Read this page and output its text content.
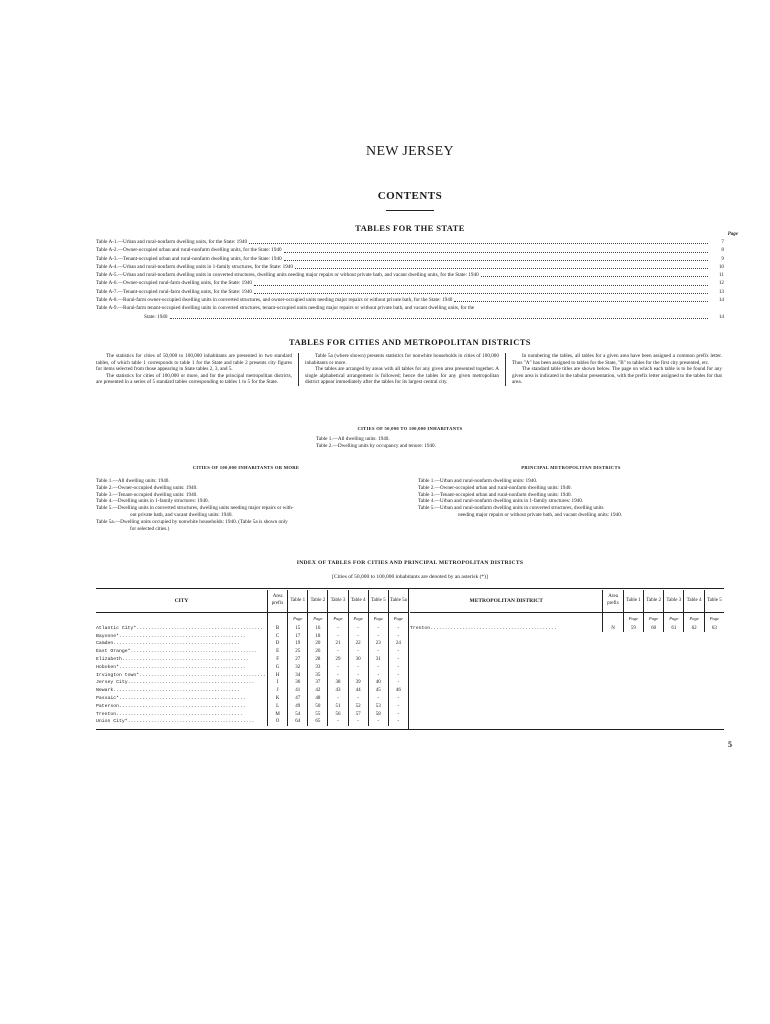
NEW JERSEY
CONTENTS
TABLES FOR THE STATE
Page
Table A-1.—Urban and rural-nonfarm dwelling units, for the State: 1940	7
Table A-2.—Owner-occupied urban and rural-nonfarm dwelling units, for the State: 1940	8
Table A-3.—Tenant-occupied urban and rural-nonfarm dwelling units, for the State: 1940	9
Table A-4.—Urban and rural-nonfarm dwelling units in 1-family structures, for the State: 1940	10
Table A-5.—Urban and rural-nonfarm dwelling units in converted structures, dwelling units needing major repairs or without private bath, and vacant dwelling units, for the State: 1940	11
Table A-6.—Owner-occupied rural-farm dwelling units, for the State: 1940	12
Table A-7.—Tenant-occupied rural-farm dwelling units, for the State: 1940	13
Table A-8.—Rural-farm owner-occupied dwelling units in converted structures, and owner-occupied units needing major repairs or without private bath, for the State: 1940	14
Table A-9.—Rural-farm tenant-occupied dwelling units in converted structures, tenant-occupied units needing major repairs or without private bath, and vacant dwelling units, for the
State: 1940	14
TABLES FOR CITIES AND METROPOLITAN DISTRICTS

The statistics for cities of 50,000 to 100,000 inhabitants are presented in two standard tables, of which table 1 corresponds to table 1 for the State and table 2 presents city figures for items selected from those appearing in State tables 2, 3, and 5.

The statistics for cities of 100,000 or more, and for the principal metropolitan districts, are presented in a series of 5 standard tables corresponding to tables 1 to 5 for the State.

Table 5a (where shown) presents statistics for nonwhite households in cities of 100,000 inhabitants or more.

The tables are arranged by areas with all tables for any given area presented together. A single alphabetical arrangement is followed; hence the tables for any given metropolitan district appear immediately after the tables for its largest central city.

In numbering the tables, all tables for a given area have been assigned a common prefix letter. Thus "A" has been assigned to tables for the State, "B" to tables for the first city presented, etc.

The standard table titles are shown below. The page on which each table is to be found for any given area is indicated in the tabular presentation, with the prefix letter assigned to the tables for that area.

CITIES OF 50,000 TO 100,000 INHABITANTS
Table 1.—All dwelling units: 1940.
Table 2.—Dwelling units by occupancy and tenure: 1940.
CITIES OF 100,000 INHABITANTS OR MORE
Table 1.—All dwelling units: 1940.
Table 2.—Owner-occupied dwelling units: 1940.
Table 3.—Tenant-occupied dwelling units: 1940.
Table 4.—Dwelling units in 1-family structures: 1940.
Table 5.—Dwelling units in converted structures, dwelling units needing major repairs or with-
out private bath, and vacant dwelling units: 1940.
Table 5a.—Dwelling units occupied by nonwhite households: 1940. (Table 5a is shown only
for selected cities.)
PRINCIPAL METROPOLITAN DISTRICTS
Table 1.—Urban and rural-nonfarm dwelling units: 1940.
Table 2.—Owner-occupied urban and rural-nonfarm dwelling units: 1940.
Table 3.—Tenant-occupied urban and rural-nonfarm dwelling units: 1940.
Table 4.—Urban and rural-nonfarm dwelling units in 1-family structures: 1940.
Table 5.—Urban and rural-nonfarm dwelling units in converted structures, dwelling units
needing major repairs or without private bath, and vacant dwelling units: 1940.
INDEX OF TABLES FOR CITIES AND PRINCIPAL METROPOLITAN DISTRICTS
[Cities of 50,000 to 100,000 inhabitants are denoted by an asterisk (*)]
CITY	Area prefix	Table 1	Table 2	Table 3	Table 4	Table 5	Table 5a
		Page	Page	Page	Page	Page	Page
Atlantic City*............................................	B	15	16	-	-	-	-
Bayonne*............................................	C	17	18	-	-	-	-
Camden............................................	D	19	20	21	22	23	24
East Orange*............................................	E	25	26	-	-	-	-
Elizabeth............................................	F	27	28	29	30	31	-
Hoboken*............................................	G	32	33	-	-	-	-
Irvington town*............................................	H	34	35	-	-	-	-
Jersey City............................................	I	36	37	38	39	40	-
Newark............................................	J	41	42	43	44	45	46
Passaic*............................................	K	47	48	-	-	-	-
Paterson............................................	L	49	50	51	52	53	-
Trenton............................................	M	54	55	56	57	58	-
Union City*............................................	O	64	65	-	-	-	-
METROPOLITAN DISTRICT	Area prefix	Table 1	Table 2	Table 3	Table 4	Table 5
		Page	Page	Page	Page	Page
Trenton............................................	N	59	60	61	62	63
5
